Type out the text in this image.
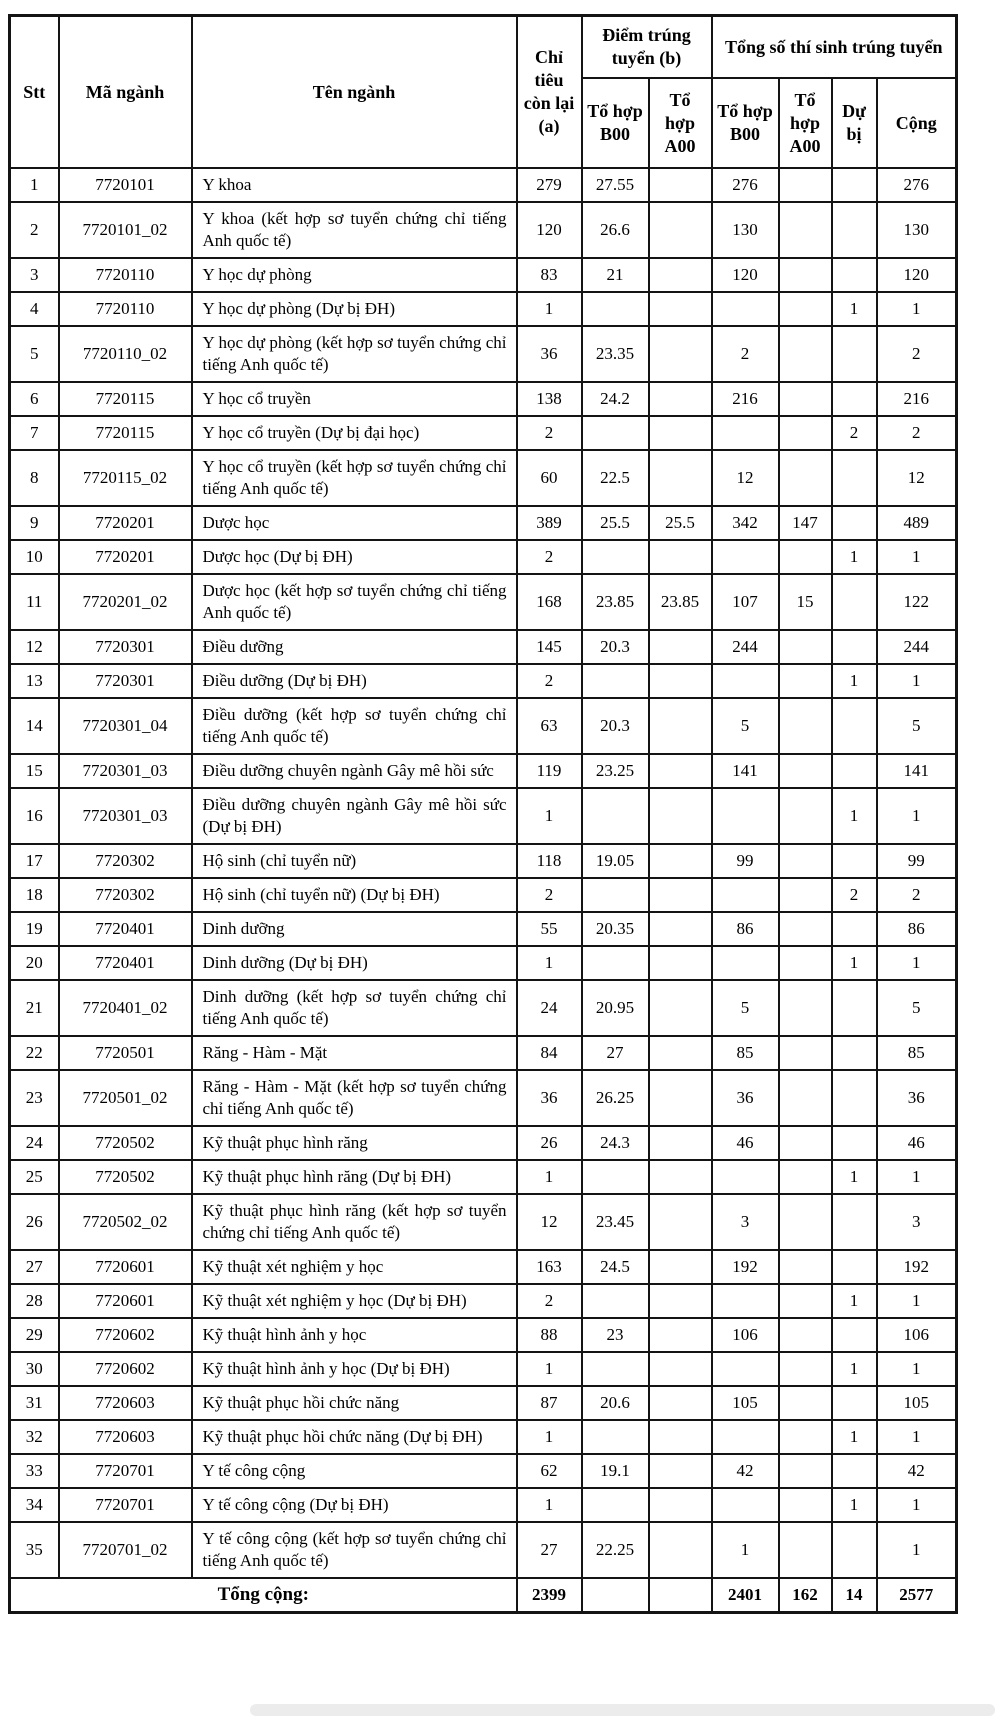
Stt	Mã ngành	Tên ngành	Chỉ tiêu còn lại (a)	Điểm trúng tuyển (b)		Tổng số thí sinh trúng tuyển			
				Tổ hợp B00	Tổ hợp A00	Tổ hợp B00	Tổ hợp A00	Dự bị	Cộng
1	7720101	Y khoa	279	27.55		276			276
2	7720101_02	Y khoa (kết hợp sơ tuyển chứng chỉ tiếng Anh quốc tế)	120	26.6		130			130
3	7720110	Y học dự phòng	83	21		120			120
4	7720110	Y học dự phòng (Dự bị ĐH)	1					1	1
5	7720110_02	Y học dự phòng (kết hợp sơ tuyển chứng chỉ tiếng Anh quốc tế)	36	23.35		2			2
6	7720115	Y học cổ truyền	138	24.2		216			216
7	7720115	Y học cổ truyền (Dự bị đại học)	2					2	2
8	7720115_02	Y học cổ truyền (kết hợp sơ tuyển chứng chỉ tiếng Anh quốc tế)	60	22.5		12			12
9	7720201	Dược học	389	25.5	25.5	342	147		489
10	7720201	Dược học (Dự bị ĐH)	2					1	1
11	7720201_02	Dược học (kết hợp sơ tuyển chứng chỉ tiếng Anh quốc tế)	168	23.85	23.85	107	15		122
12	7720301	Điều dưỡng	145	20.3		244			244
13	7720301	Điều dưỡng (Dự bị ĐH)	2					1	1
14	7720301_04	Điều dưỡng (kết hợp sơ tuyển chứng chỉ tiếng Anh quốc tế)	63	20.3		5			5
15	7720301_03	Điều dưỡng chuyên ngành Gây mê hồi sức	119	23.25		141			141
16	7720301_03	Điều dưỡng chuyên ngành Gây mê hồi sức (Dự bị ĐH)	1					1	1
17	7720302	Hộ sinh (chỉ tuyển nữ)	118	19.05		99			99
18	7720302	Hộ sinh (chỉ tuyển nữ) (Dự bị ĐH)	2					2	2
19	7720401	Dinh dưỡng	55	20.35		86			86
20	7720401	Dinh dưỡng (Dự bị ĐH)	1					1	1
21	7720401_02	Dinh dưỡng (kết hợp sơ tuyển chứng chỉ tiếng Anh quốc tế)	24	20.95		5			5
22	7720501	Răng - Hàm - Mặt	84	27		85			85
23	7720501_02	Răng - Hàm - Mặt (kết hợp sơ tuyển chứng chỉ tiếng Anh quốc tế)	36	26.25		36			36
24	7720502	Kỹ thuật phục hình răng	26	24.3		46			46
25	7720502	Kỹ thuật phục hình răng (Dự bị ĐH)	1					1	1
26	7720502_02	Kỹ thuật phục hình răng (kết hợp sơ tuyển chứng chỉ tiếng Anh quốc tế)	12	23.45		3			3
27	7720601	Kỹ thuật xét nghiệm y học	163	24.5		192			192
28	7720601	Kỹ thuật xét nghiệm y học (Dự bị ĐH)	2					1	1
29	7720602	Kỹ thuật hình ảnh y học	88	23		106			106
30	7720602	Kỹ thuật hình ảnh y học (Dự bị ĐH)	1					1	1
31	7720603	Kỹ thuật phục hồi chức năng	87	20.6		105			105
32	7720603	Kỹ thuật phục hồi chức năng (Dự bị ĐH)	1					1	1
33	7720701	Y tế công cộng	62	19.1		42			42
34	7720701	Y tế công cộng (Dự bị ĐH)	1					1	1
35	7720701_02	Y tế công cộng (kết hợp sơ tuyển chứng chỉ tiếng Anh quốc tế)	27	22.25		1			1
Tổng cộng:			2399			2401	162	14	2577
